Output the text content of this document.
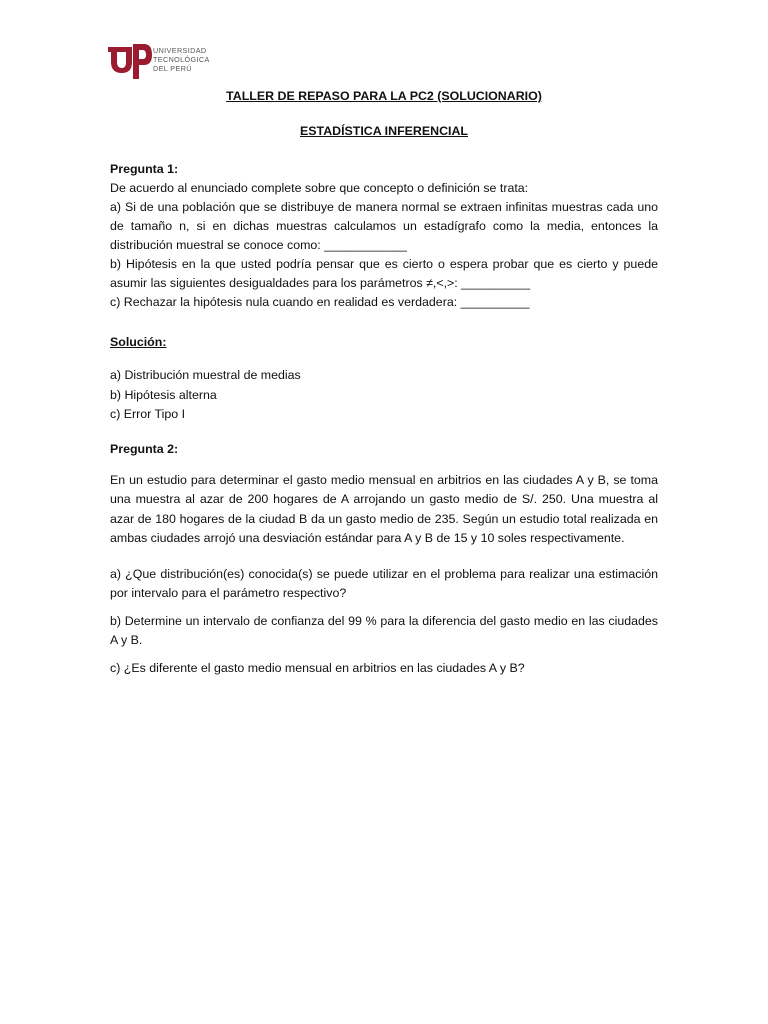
UNIVERSIDAD
TECNOLÓGICA
DEL PERÚ

TALLER DE REPASO PARA LA PC2 (SOLUCIONARIO)

ESTADÍSTICA INFERENCIAL

Pregunta 1:

De acuerdo al enunciado complete sobre que concepto o definición se trata:

a) Si de una población que se distribuye de manera normal se extraen infinitas muestras cada uno de tamaño n, si en dichas muestras calculamos un estadígrafo como la media, entonces la distribución muestral se conoce como: ____________

b) Hipótesis en la que usted podría pensar que es cierto o espera probar que es cierto y puede asumir las siguientes desigualdades para los parámetros ≠,<,>: __________

c) Rechazar la hipótesis nula cuando en realidad es verdadera: __________

Solución:

a) Distribución muestral de medias

b) Hipótesis alterna

c) Error Tipo I

Pregunta 2:

En un estudio para determinar el gasto medio mensual en arbitrios en las ciudades A y B, se toma una muestra al azar de 200 hogares de A arrojando un gasto medio de S/. 250. Una muestra al azar de 180 hogares de la ciudad B da un gasto medio de 235. Según un estudio total realizada en ambas ciudades arrojó una desviación estándar para A y B de 15 y 10 soles respectivamente.

a) ¿Que distribución(es) conocida(s) se puede utilizar en el problema para realizar una estimación por intervalo para el parámetro respectivo?

b) Determine un intervalo de confianza del 99 % para la diferencia del gasto medio en las ciudades A y B.

c) ¿Es diferente el gasto medio mensual en arbitrios en las ciudades A y B?
